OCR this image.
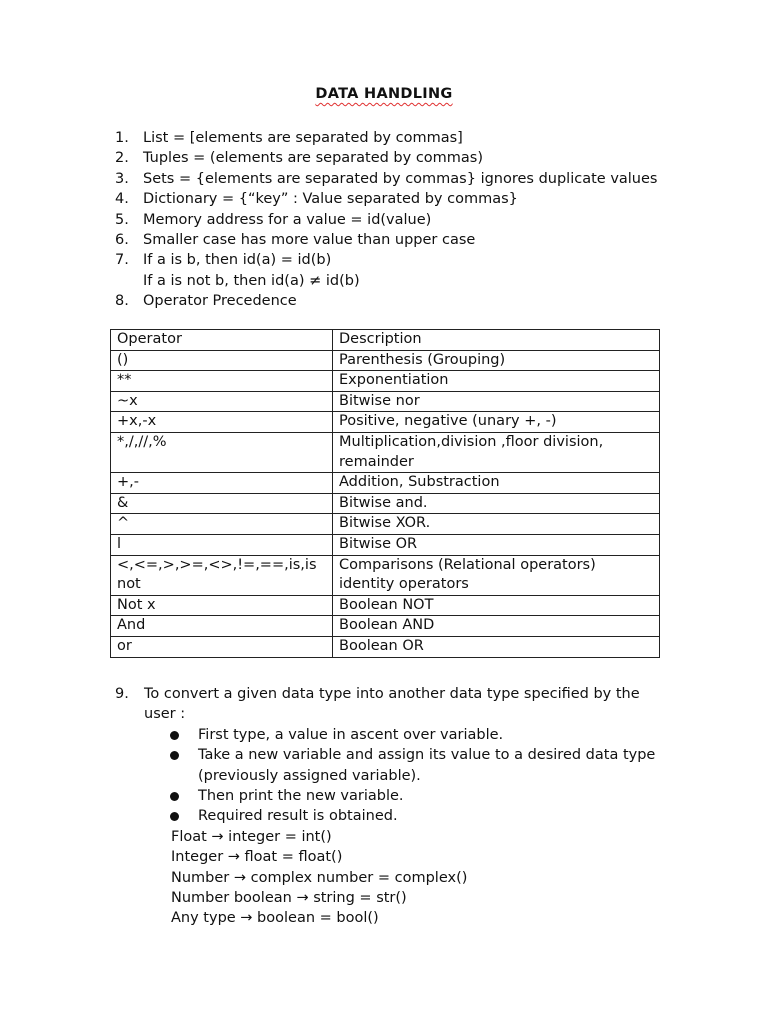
DATA HANDLING
1. List = [elements are separated by commas]
2. Tuples = (elements are separated by commas)
3. Sets = {elements are separated by commas} ignores duplicate values
4. Dictionary = {“key” : Value separated by commas}
5. Memory address for a value = id(value)
6. Smaller case has more value than upper case
7. If a is b, then id(a) = id(b)
If a is not b, then id(a) ≠ id(b)
8. Operator Precedence
Operator	Description
()	Parenthesis (Grouping)
**	Exponentiation
~x	Bitwise nor
+x,-x	Positive, negative (unary +, -)
*,/,//,%	Multiplication,division ,floor division, remainder
+,-	Addition, Substraction
&	Bitwise and.
^	Bitwise XOR.
l	Bitwise OR
<,<=,>,>=,<>,!=,==,is,is not	Comparisons (Relational operators) identity operators
Not x	Boolean NOT
And	Boolean AND
or	Boolean OR
9.	To convert a given data type into another data type specified by the user :
First type, a value in ascent over variable.
Take a new variable and assign its value to a desired data type (previously assigned variable).
Then print the new variable.
Required result is obtained.
Float → integer = int()
Integer → float = float()
Number → complex number = complex()
Number boolean → string = str()
Any type → boolean = bool()
